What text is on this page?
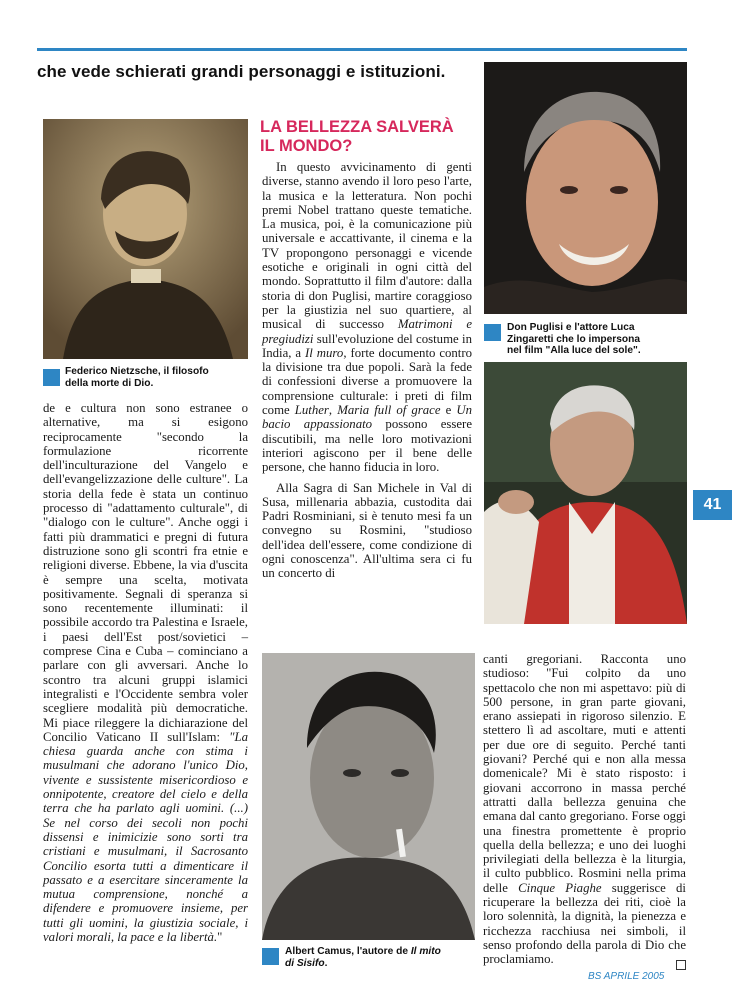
che vede schierati grandi personaggi e istituzioni.
Federico Nietzsche, il filosofo
della morte di Dio.
LA BELLEZZA SALVERÀ
IL MONDO?

In questo avvicinamento di genti diverse, stanno avendo il loro peso l'arte, la musica e la letteratura. Non pochi premi Nobel trattano queste tematiche. La musica, poi, è la comunicazione più universale e accattivante, il cinema e la TV propongono personaggi e vicende esotiche e originali in ogni città del mondo. Soprattutto il film d'autore: dalla storia di don Puglisi, martire coraggioso per la giustizia nel suo quartiere, al musical di successo Matrimoni e pregiudizi sull'evoluzione del costume in India, a Il muro, forte documento contro la divisione tra due popoli. Sarà la fede di confessioni diverse a promuovere la comprensione culturale: i preti di film come Luther, Maria full of grace e Un bacio appassionato possono essere discutibili, ma nelle loro motivazioni interiori agiscono per il bene delle persone, che hanno fiducia in loro.

Alla Sagra di San Michele in Val di Susa, millenaria abbazia, custodita dai Padri Rosminiani, si è tenuto mesi fa un convegno su Rosmini, "studioso dell'idea dell'essere, come condizione di ogni conoscenza". All'ultima sera ci fu un concerto di

de e cultura non sono estranee o alternative, ma si esigono reciprocamente "secondo la formulazione ricorrente dell'inculturazione del Vangelo e dell'evangelizzazione delle culture". La storia della fede è stata un continuo processo di "adattamento culturale", di "dialogo con le culture". Anche oggi i fatti più drammatici e pregni di futura distruzione sono gli scontri fra etnie e religioni diverse. Ebbene, la via d'uscita è sempre una scelta, motivata positivamente. Segnali di speranza si sono recentemente illuminati: il possibile accordo tra Palestina e Israele, i paesi dell'Est post/sovietici – comprese Cina e Cuba – cominciano a parlare con gli avversari. Anche lo scontro tra alcuni gruppi islamici integralisti e l'Occidente sembra voler scegliere modalità più democratiche. Mi piace rileggere la dichiarazione del Concilio Vaticano II sull'Islam: "La chiesa guarda anche con stima i musulmani che adorano l'unico Dio, vivente e sussistente misericordioso e onnipotente, creatore del cielo e della terra che ha parlato agli uomini. (...) Se nel corso dei secoli non pochi dissensi e inimicizie sono sorti tra cristiani e musulmani, il Sacrosanto Concilio esorta tutti a dimenticare il passato e a esercitare sinceramente la mutua comprensione, nonché a difendere e promuovere insieme, per tutti gli uomini, la giustizia sociale, i valori morali, la pace e la libertà."

Don Puglisi e l'attore Luca
Zingaretti che lo impersona
nel film "Alla luce del sole".
41
Albert Camus, l'autore de Il mito
di Sisifo.

canti gregoriani. Racconta uno studioso: "Fui colpito da uno spettacolo che non mi aspettavo: più di 500 persone, in gran parte giovani, erano assiepati in rigoroso silenzio. E stettero lì ad ascoltare, muti e attenti per due ore di seguito. Perché tanti giovani? Perché qui e non alla messa domenicale? Mi è stato risposto: i giovani accorrono in massa perché attratti dalla bellezza genuina che emana dal canto gregoriano. Forse oggi una finestra promettente è proprio quella della bellezza; e uno dei luoghi privilegiati della bellezza è la liturgia, il culto pubblico. Rosmini nella prima delle Cinque Piaghe suggerisce di ricuperare la bellezza dei riti, cioè la loro solennità, la dignità, la pienezza e ricchezza racchiusa nei simboli, il senso profondo della parola di Dio che proclamiamo.

BS APRILE 2005
